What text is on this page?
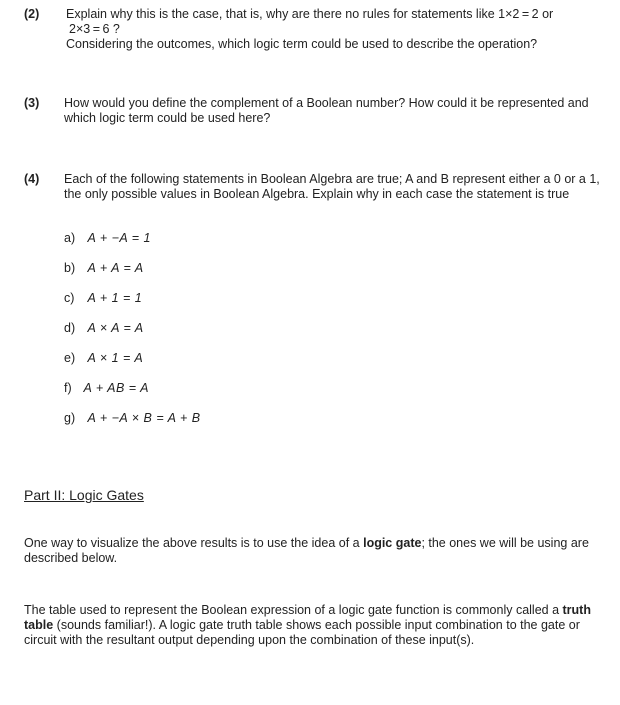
(2) Explain why this is the case, that is, why are there no rules for statements like 1×2 = 2 or

2×3 = 6 ?

Considering the outcomes, which logic term could be used to describe the operation?

(3) How would you define the complement of a Boolean number? How could it be represented and which logic term could be used here?

(4) Each of the following statements in Boolean Algebra are true; A and B represent either a 0 or a 1, the only possible values in Boolean Algebra. Explain why in each case the statement is true

a) A + −A = 1
b) A + A = A
c) A + 1 = 1
d) A × A = A
e) A × 1 = A
f) A + AB = A
g) A + −A × B = A + B
Part II: Logic Gates

One way to visualize the above results is to use the idea of a logic gate; the ones we will be using are described below.

The table used to represent the Boolean expression of a logic gate function is commonly called a truth table (sounds familiar!). A logic gate truth table shows each possible input combination to the gate or circuit with the resultant output depending upon the combination of these input(s).
